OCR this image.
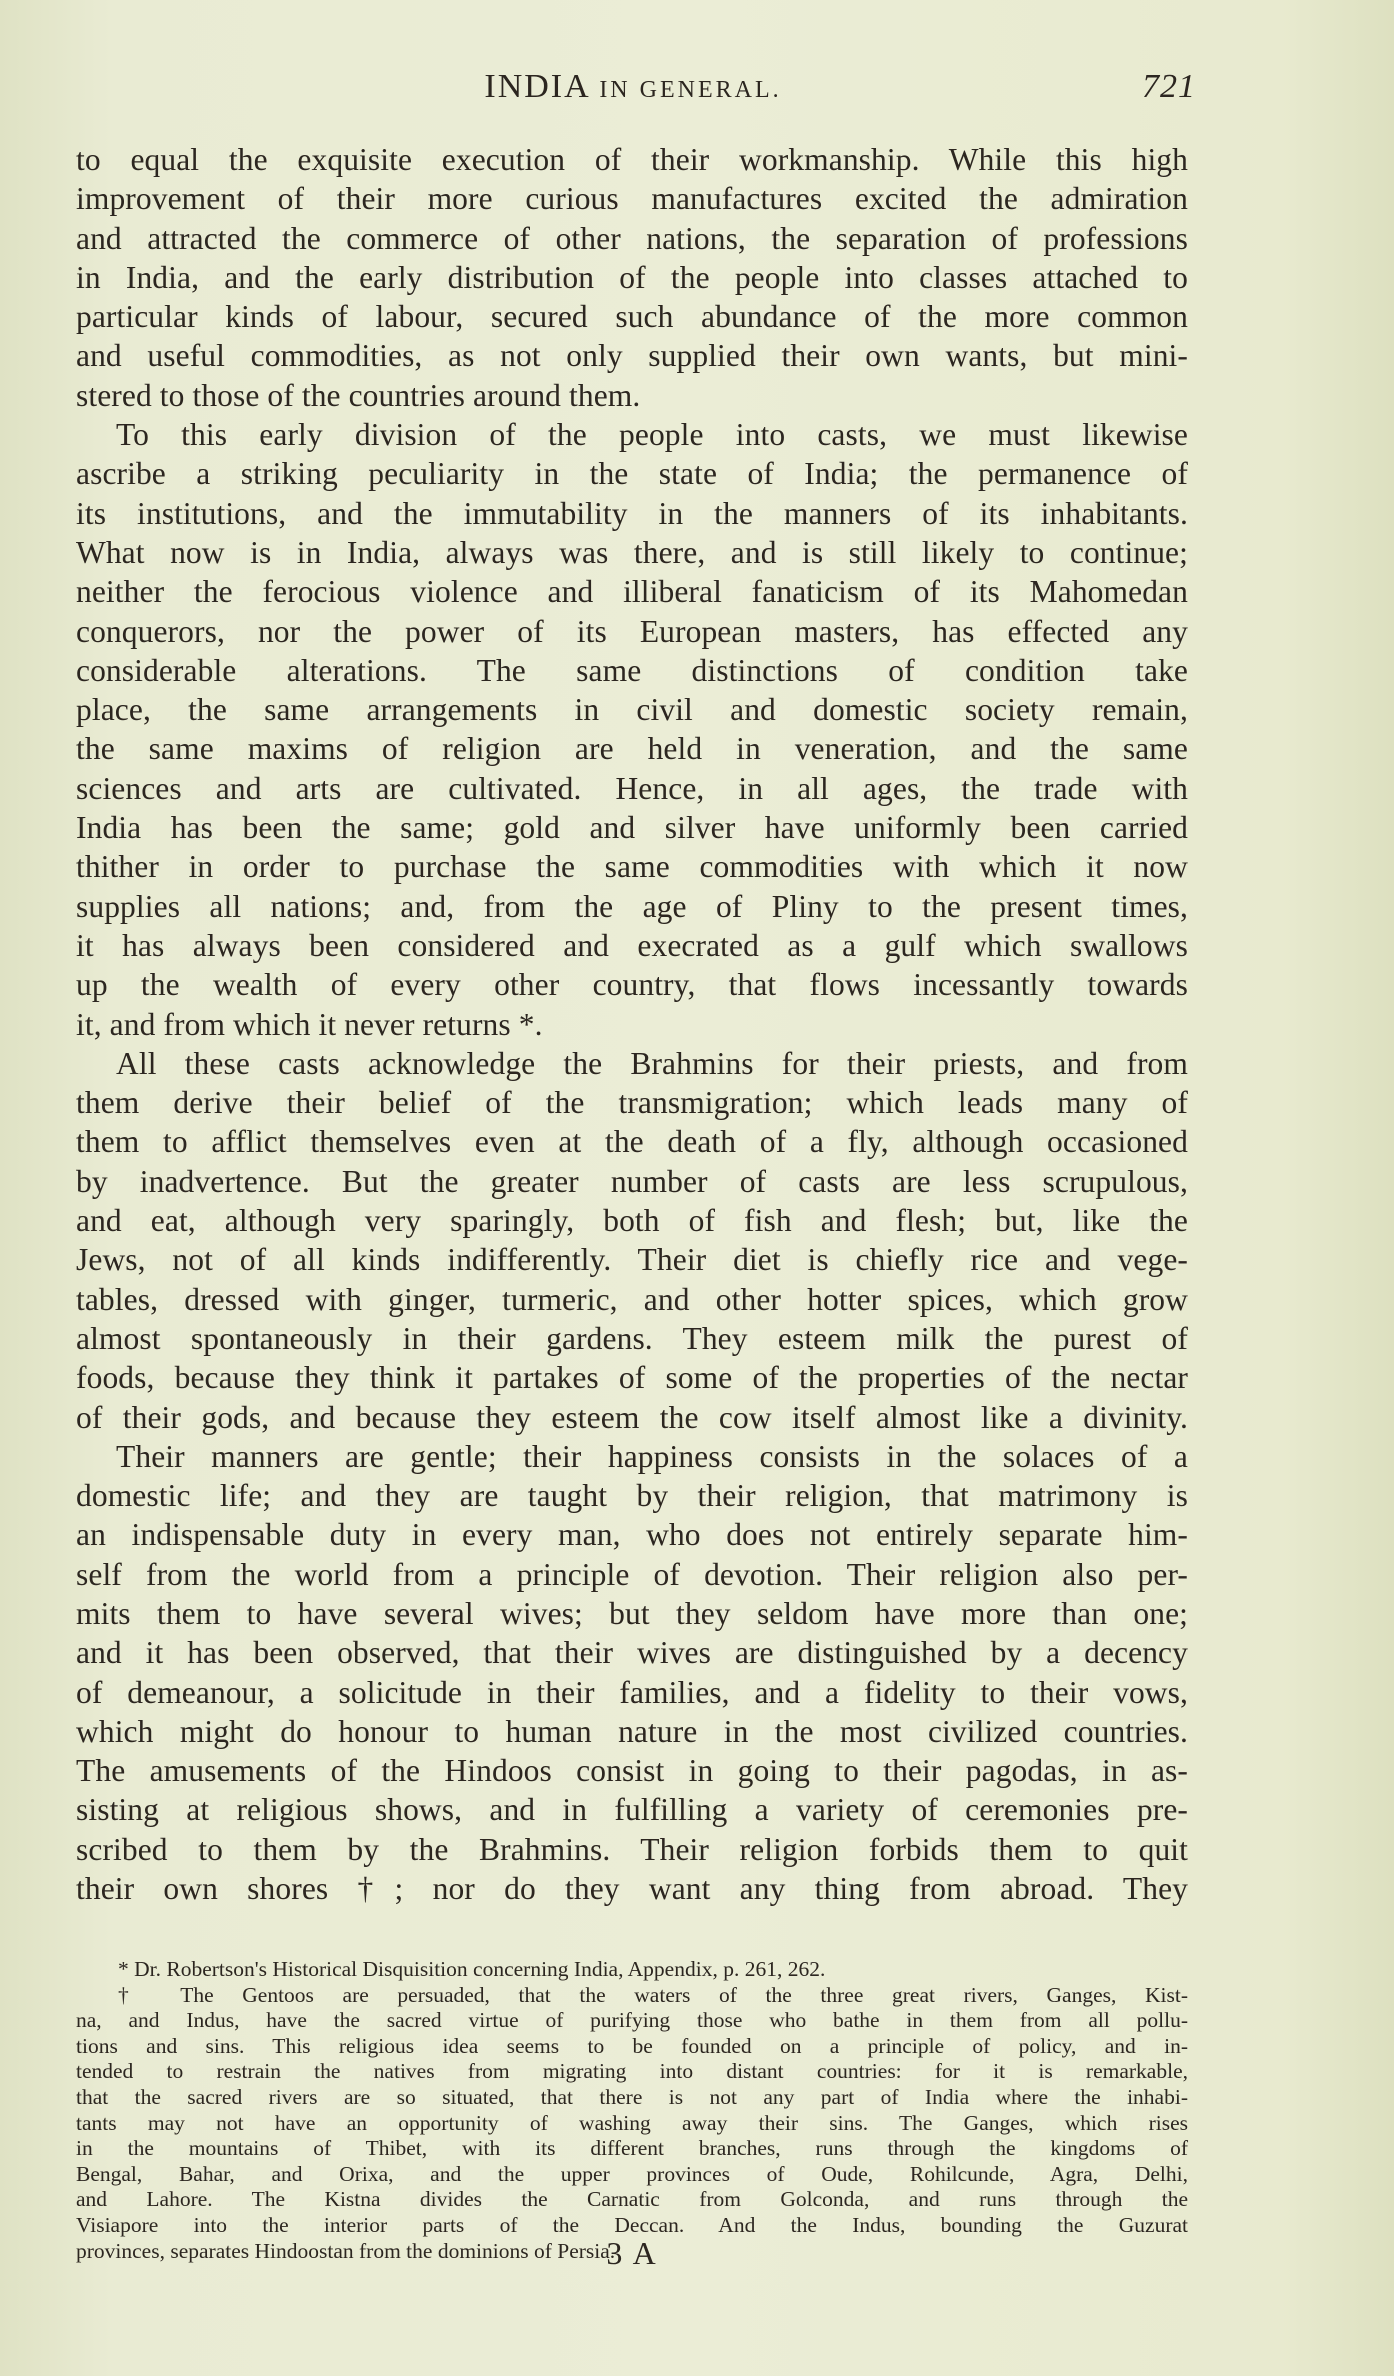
INDIA IN GENERAL.	721
to equal the exquisite execution of their workmanship. While this high
improvement of their more curious manufactures excited the admiration
and attracted the commerce of other nations, the separation of professions
in India, and the early distribution of the people into classes attached to
particular kinds of labour, secured such abundance of the more common
and useful commodities, as not only supplied their own wants, but mini-
stered to those of the countries around them.
To this early division of the people into casts, we must likewise
ascribe a striking peculiarity in the state of India; the permanence of
its institutions, and the immutability in the manners of its inhabitants.
What now is in India, always was there, and is still likely to continue;
neither the ferocious violence and illiberal fanaticism of its Mahomedan
conquerors, nor the power of its European masters, has effected any
considerable alterations. The same distinctions of condition take
place, the same arrangements in civil and domestic society remain,
the same maxims of religion are held in veneration, and the same
sciences and arts are cultivated. Hence, in all ages, the trade with
India has been the same; gold and silver have uniformly been carried
thither in order to purchase the same commodities with which it now
supplies all nations; and, from the age of Pliny to the present times,
it has always been considered and execrated as a gulf which swallows
up the wealth of every other country, that flows incessantly towards
it, and from which it never returns *.
All these casts acknowledge the Brahmins for their priests, and from
them derive their belief of the transmigration; which leads many of
them to afflict themselves even at the death of a fly, although occasioned
by inadvertence. But the greater number of casts are less scrupulous,
and eat, although very sparingly, both of fish and flesh; but, like the
Jews, not of all kinds indifferently. Their diet is chiefly rice and vege-
tables, dressed with ginger, turmeric, and other hotter spices, which grow
almost spontaneously in their gardens. They esteem milk the purest of
foods, because they think it partakes of some of the properties of the nectar
of their gods, and because they esteem the cow itself almost like a divinity.
Their manners are gentle; their happiness consists in the solaces of a
domestic life; and they are taught by their religion, that matrimony is
an indispensable duty in every man, who does not entirely separate him-
self from the world from a principle of devotion. Their religion also per-
mits them to have several wives; but they seldom have more than one;
and it has been observed, that their wives are distinguished by a decency
of demeanour, a solicitude in their families, and a fidelity to their vows,
which might do honour to human nature in the most civilized countries.
The amusements of the Hindoos consist in going to their pagodas, in as-
sisting at religious shows, and in fulfilling a variety of ceremonies pre-
scribed to them by the Brahmins. Their religion forbids them to quit
their own shores †; nor do they want any thing from abroad. They
* Dr. Robertson's Historical Disquisition concerning India, Appendix, p. 261, 262.
† The Gentoos are persuaded, that the waters of the three great rivers, Ganges, Kist-
na, and Indus, have the sacred virtue of purifying those who bathe in them from all pollu-
tions and sins. This religious idea seems to be founded on a principle of policy, and in-
tended to restrain the natives from migrating into distant countries: for it is remarkable,
that the sacred rivers are so situated, that there is not any part of India where the inhabi-
tants may not have an opportunity of washing away their sins. The Ganges, which rises
in the mountains of Thibet, with its different branches, runs through the kingdoms of
Bengal, Bahar, and Orixa, and the upper provinces of Oude, Rohilcunde, Agra, Delhi,
and Lahore. The Kistna divides the Carnatic from Golconda, and runs through the
Visiapore into the interior parts of the Deccan. And the Indus, bounding the Guzurat
provinces, separates Hindoostan from the dominions of Persia.
3 A
